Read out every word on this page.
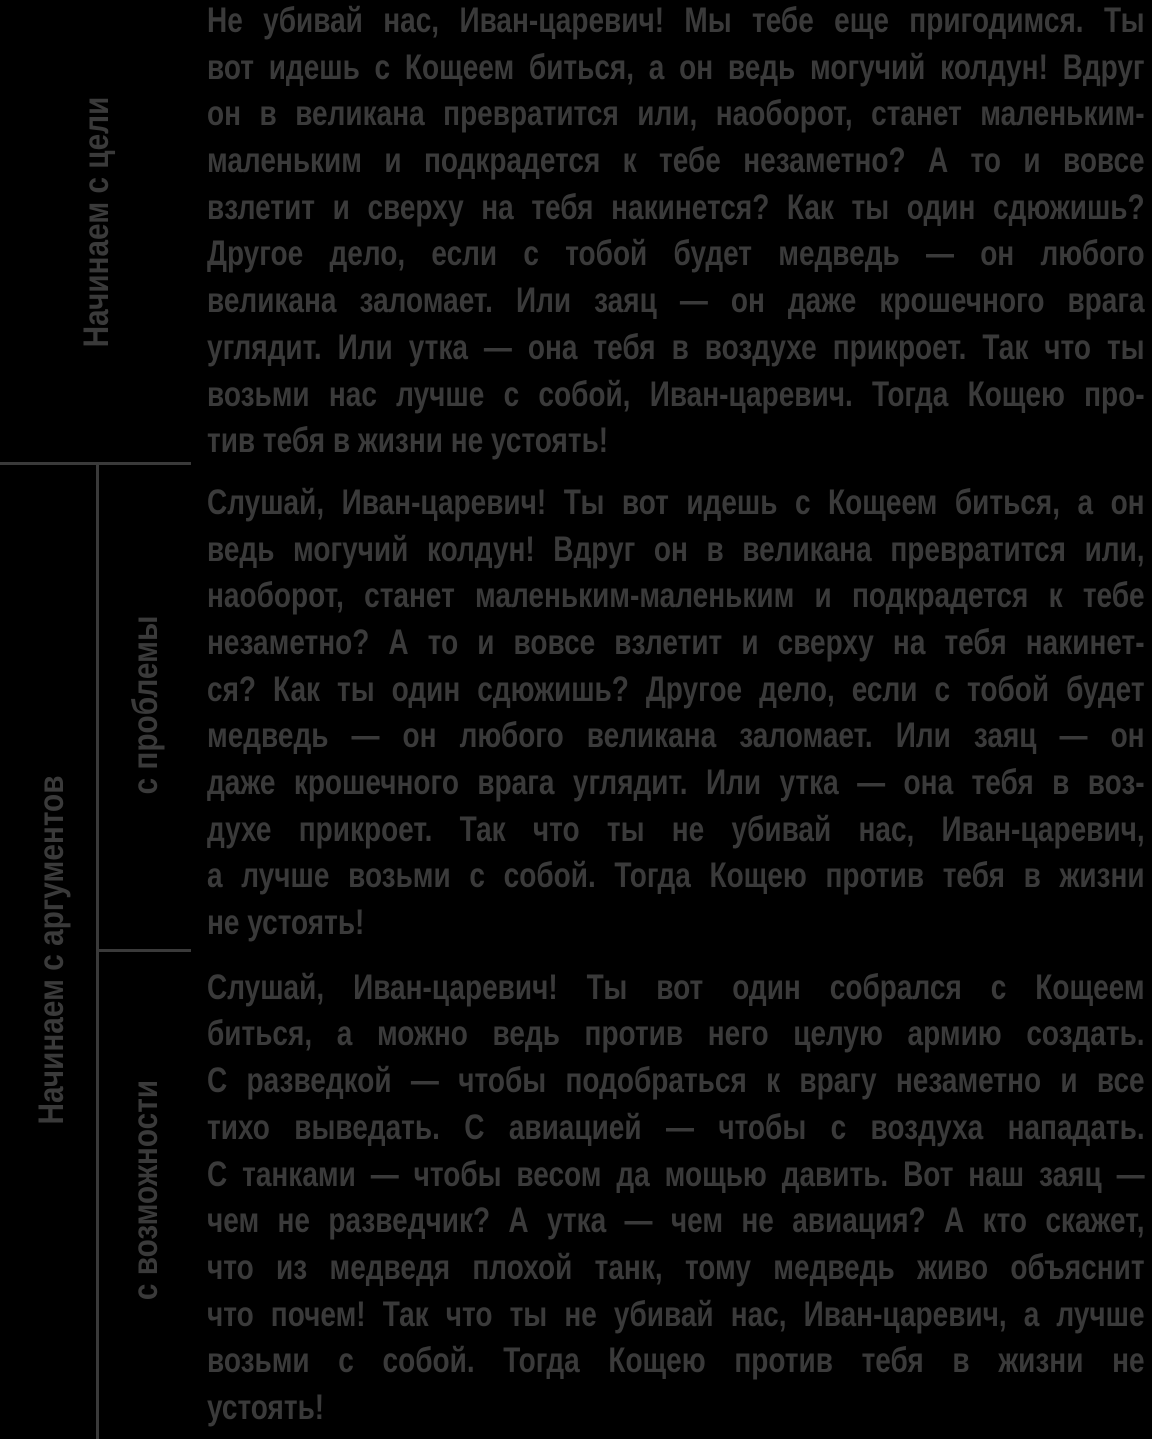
Начинаем с цели
Начинаем с аргументов
с проблемы
с возможности
Не убивай нас, Иван-царевич! Мы тебе еще пригодимся. Ты
вот идешь с Кощеем биться, а он ведь могучий колдун! Вдруг
он в великана превратится или, наоборот, станет маленьким-
маленьким и подкрадется к тебе незаметно? А то и вовсе
взлетит и сверху на тебя накинется? Как ты один сдюжишь?
Другое дело, если с тобой будет медведь — он любого
великана заломает. Или заяц — он даже крошечного врага
углядит. Или утка — она тебя в воздухе прикроет. Так что ты
возьми нас лучше с собой, Иван-царевич. Тогда Кощею про-
тив тебя в жизни не устоять!
Слушай, Иван-царевич! Ты вот идешь с Кощеем биться, а он
ведь могучий колдун! Вдруг он в великана превратится или,
наоборот, станет маленьким-маленьким и подкрадется к тебе
незаметно? А то и вовсе взлетит и сверху на тебя накинет-
ся? Как ты один сдюжишь? Другое дело, если с тобой будет
медведь — он любого великана заломает. Или заяц — он
даже крошечного врага углядит. Или утка — она тебя в воз-
духе прикроет. Так что ты не убивай нас, Иван-царевич,
а лучше возьми с собой. Тогда Кощею против тебя в жизни
не устоять!
Слушай, Иван-царевич! Ты вот один собрался с Кощеем
биться, а можно ведь против него целую армию создать.
С разведкой — чтобы подобраться к врагу незаметно и все
тихо выведать. С авиацией — чтобы с воздуха нападать.
С танками — чтобы весом да мощью давить. Вот наш заяц —
чем не разведчик? А утка — чем не авиация? А кто скажет,
что из медведя плохой танк, тому медведь живо объяснит
что почем! Так что ты не убивай нас, Иван-царевич, а лучше
возьми с собой. Тогда Кощею против тебя в жизни не
устоять!
